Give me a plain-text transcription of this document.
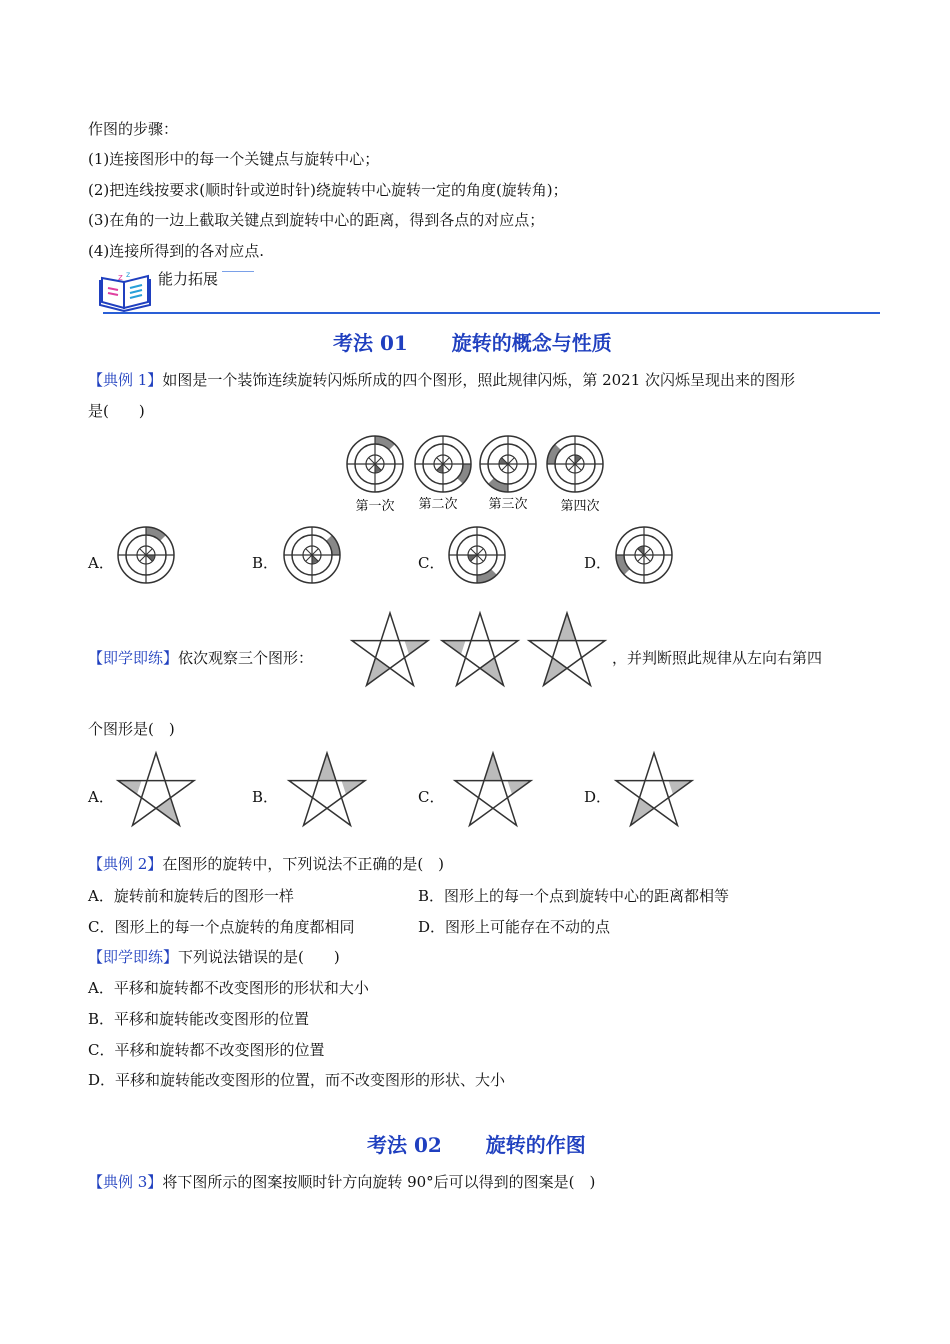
作图的步骤：
(1)连接图形中的每一个关键点与旋转中心；
(2)把连线按要求(顺时针或逆时针)绕旋转中心旋转一定的角度(旋转角)；
(3)在角的一边上截取关键点到旋转中心的距离，得到各点的对应点；
(4)连接所得到的各对应点.
z z 能力拓展
考法 01 旋转的概念与性质
【典例 1】如图是一个装饰连续旋转闪烁所成的四个图形，照此规律闪烁，第 2021 次闪烁呈现出来的图形
是(　　)
第一次 第二次 第三次	第四次
A．	B．	C．	D．
【即学即练】依次观察三个图形：	，并判断照此规律从左向右第四
个图形是(　)
A．	B．	C．	D．
【典例 2】在图形的旋转中，下列说法不正确的是(　)
A．旋转前和旋转后的图形一样	B．图形上的每一个点到旋转中心的距离都相等
C．图形上的每一个点旋转的角度都相同	D．图形上可能存在不动的点
【即学即练】下列说法错误的是(　　)
A．平移和旋转都不改变图形的形状和大小
B．平移和旋转能改变图形的位置
C．平移和旋转都不改变图形的位置
D．平移和旋转能改变图形的位置，而不改变图形的形状、大小
考法 02 旋转的作图
【典例 3】将下图所示的图案按顺时针方向旋转 90°后可以得到的图案是(　)
